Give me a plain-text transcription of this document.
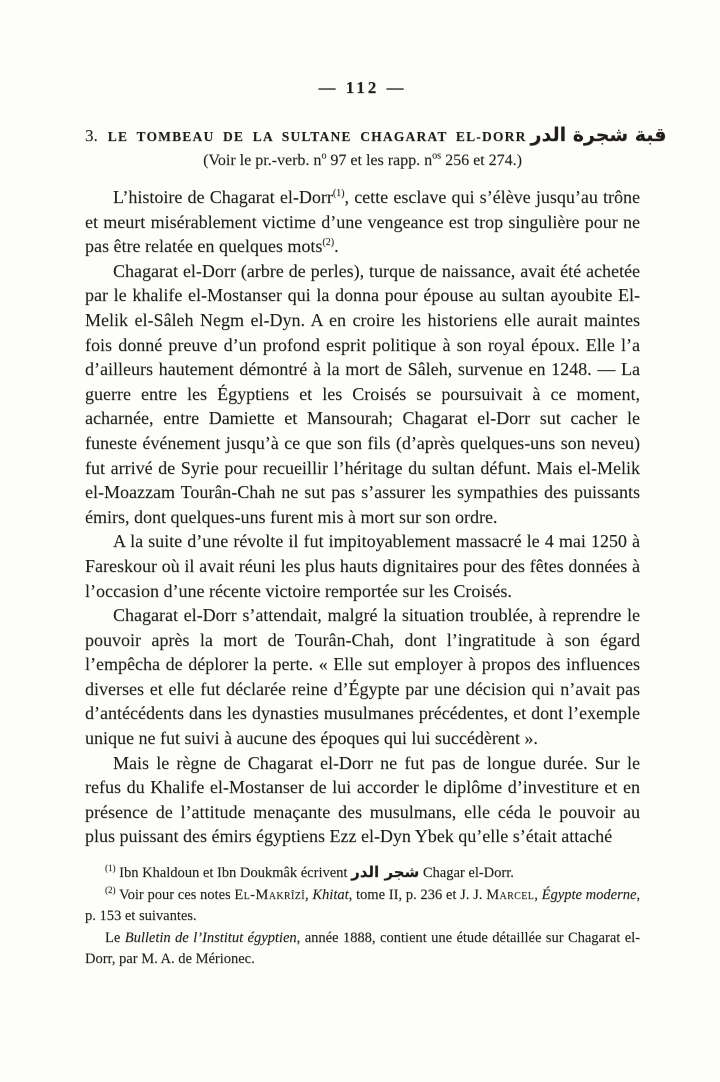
— 112 —

3. LE TOMBEAU DE LA SULTANE CHAGARAT EL-DORR قبة شجرة الدر

(Voir le pr.-verb. $n^o$ 97 et les rapp. $n^{os}$ 256 et 274.)

L’histoire de Chagarat el-Dorr$^{(1)}$, cette esclave qui s’élève jusqu’au trône et meurt misérablement victime d’une vengeance est trop singulière pour ne pas être relatée en quelques mots$^{(2)}$.

Chagarat el-Dorr (arbre de perles), turque de naissance, avait été achetée par le khalife el-Mostanser qui la donna pour épouse au sultan ayoubite El-Melik el-Sâleh Negm el-Dyn. A en croire les historiens elle aurait maintes fois donné preuve d’un profond esprit politique à son royal époux. Elle l’a d’ailleurs hautement démontré à la mort de Sâleh, survenue en 1248. — La guerre entre les Égyptiens et les Croisés se poursuivait à ce moment, acharnée, entre Damiette et Mansourah; Chagarat el-Dorr sut cacher le funeste événement jusqu’à ce que son fils (d’après quelques-uns son neveu) fut arrivé de Syrie pour recueillir l’héritage du sultan défunt. Mais el-Melik el-Moazzam Tourân-Chah ne sut pas s’assurer les sympathies des puissants émirs, dont quelques-uns furent mis à mort sur son ordre.

A la suite d’une révolte il fut impitoyablement massacré le 4 mai 1250 à Fareskour où il avait réuni les plus hauts dignitaires pour des fêtes données à l’occasion d’une récente victoire remportée sur les Croisés.

Chagarat el-Dorr s’attendait, malgré la situation troublée, à reprendre le pouvoir après la mort de Tourân-Chah, dont l’ingratitude à son égard l’empêcha de déplorer la perte. « Elle sut employer à propos des influences diverses et elle fut déclarée reine d’Égypte par une décision qui n’avait pas d’antécédents dans les dynasties musulmanes précédentes, et dont l’exemple unique ne fut suivi à aucune des époques qui lui succédèrent ».

Mais le règne de Chagarat el-Dorr ne fut pas de longue durée. Sur le refus du Khalife el-Mostanser de lui accorder le diplôme d’investiture et en présence de l’attitude menaçante des musulmans, elle céda le pouvoir au plus puissant des émirs égyptiens Ezz el-Dyn Ybek qu’elle s’était attaché

$^{(1)}$ Ibn Khaldoun et Ibn Doukmâk écrivent شجر الدر Chagar el-Dorr.

$^{(2)}$ Voir pour ces notes El-Makrîzî, Khitat, tome II, p. 236 et J. J. Marcel, Égypte moderne, p. 153 et suivantes.

Le Bulletin de l’Institut égyptien, année 1888, contient une étude détaillée sur Chagarat el-Dorr, par M. A. de Mérionec.
